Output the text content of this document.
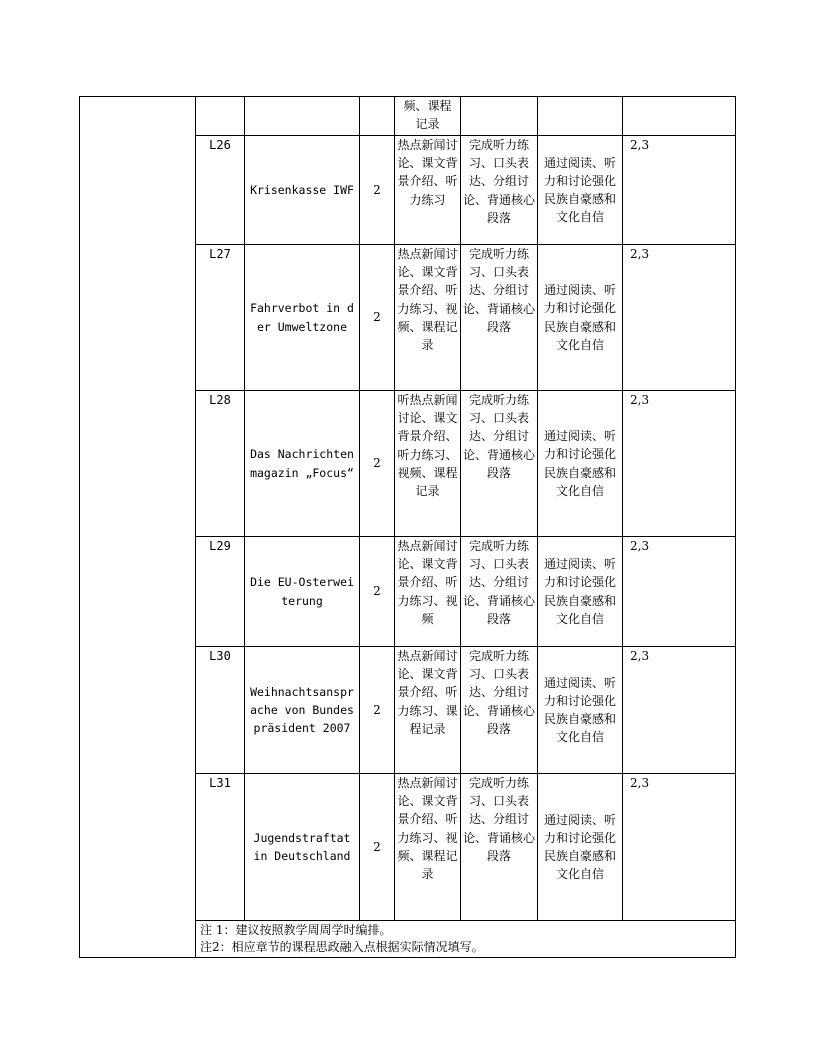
				频、课程
记录			
	L26	Krisenkasse IWF	2	热点新闻讨论、课文背景介绍、听力练习	完成听力练习、口头表达、分组讨论、背通核心段落	通过阅读、听力和讨论强化民族自豪感和文化自信	2,3
	L27	Fahrverbot in der Umweltzone	2	热点新闻讨论、课文背景介绍、听力练习、视频、课程记录	完成听力练习、口头表达、分组讨论、背诵核心段落	通过阅读、听力和讨论强化民族自豪感和文化自信	2,3
	L28	Das Nachrichtenmagazin „Focus“	2	听热点新闻讨论、课文背景介绍、听力练习、视频、课程记录	完成听力练习、口头表达、分组讨论、背通核心段落	通过阅读、听力和讨论强化民族自豪感和文化自信	2,3
	L29	Die EU-Osterweiterung	2	热点新闻讨论、课文背景介绍、听力练习、视频	完成听力练习、口头表达、分组讨论、背诵核心段落	通过阅读、听力和讨论强化民族自豪感和文化自信	2,3
	L30	Weihnachtsansprache von Bundespräsident 2007	2	热点新闻讨论、课文背景介绍、听力练习、课程记录	完成听力练习、口头表达、分组讨论、背诵核心段落	通过阅读、听力和讨论强化民族自豪感和文化自信	2,3
	L31	Jugendstraftat in Deutschland	2	热点新闻讨论、课文背景介绍、听力练习、视频、课程记录	完成听力练习、口头表达、分组讨论、背诵核心段落	通过阅读、听力和讨论强化民族自豪感和文化自信	2,3

	注 1：建议按照教学周周学时编排。
注2：相应章节的课程思政融入点根据实际情况填写。						
